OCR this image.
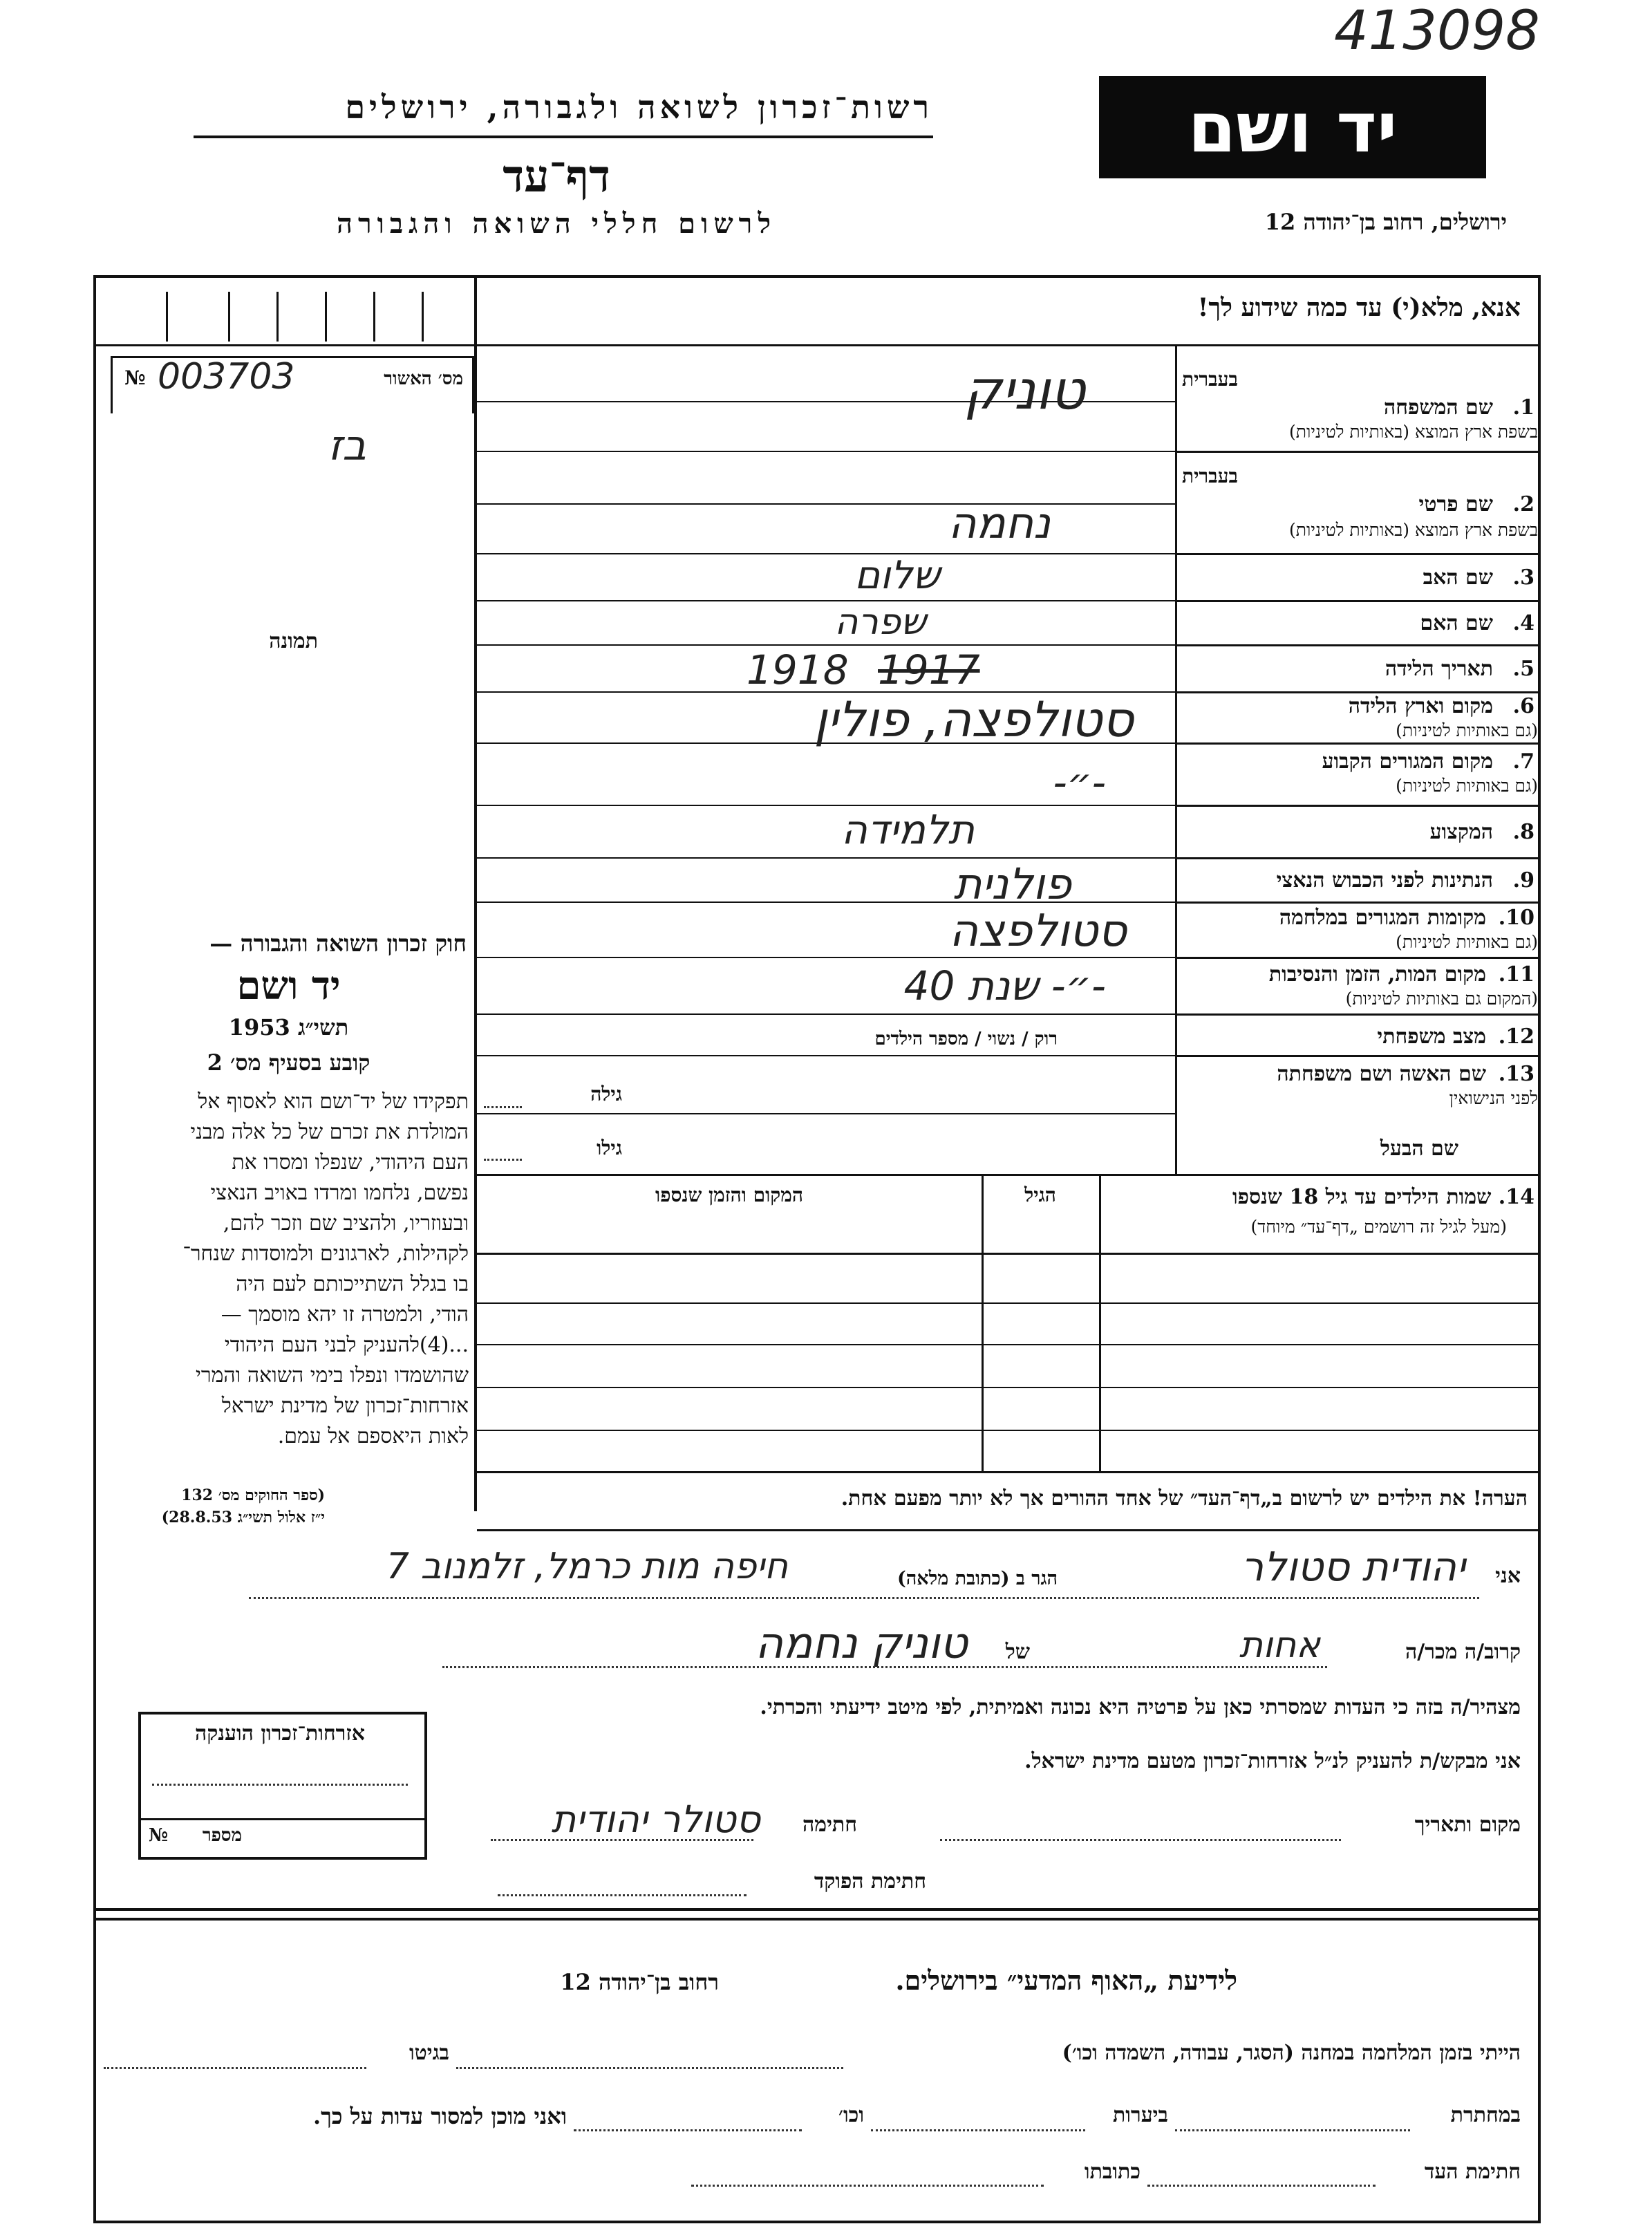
413098
רשות־זכרון לשואה ולגבורה, ירושלים
דף־עד
לרשום חללי השואה והגבורה
יד ושם
ירושלים, רחוב בן־יהודה 12
אנא, מלא(י) עד כמה שידוע לך!
מס׳ האשור
№ 003703
בז
תמונה
חוק זכרון השואה והגבורה —
יד ושם
תשי״ג 1953
קובע בסעיף מס׳ 2
תפקידו של יד־ושם הוא לאסוף אל
המולדת את זכרם של כל אלה מבני
העם היהודי, שנפלו ומסרו את
נפשם, נלחמו ומרדו באויב הנאצי
ובעוזריו, ולהציב שם וזכר להם,
לקהילות, לארגונים ולמוסדות שנחר־
בו בגלל השתייכותם לעם היה
הודי, ולמטרה זו יהא מוסמך —
...(4)להעניק לבני העם היהודי
שהושמדו ונפלו בימי השואה והמרי
אזרחות־זכרון של מדינת ישראל
לאות היאספם אל עמם.
(ספר החוקים מס׳ 132
י״ז אלול תשי״ג 28.8.53)
בעברית
1.
שם המשפחה
בשפת ארץ המוצא (באותיות לטיניות)
טוניק
בעברית
2.
שם פרטי
בשפת ארץ המוצא (באותיות לטיניות)
נחמה
3.
שם האב
שלום
4.
שם האם
שפרה
5.
תאריך הלידה
1918 1917
6.
מקום וארץ הלידה
(גם באותיות לטיניות)
סטולפצה, פולין
7.
מקום המגורים הקבוע
(גם באותיות לטיניות)
-״-
8.
המקצוע
תלמידה
9.
הנתינות לפני הכבוש הנאצי
פולנית
10.
מקומות המגורים במלחמה
(גם באותיות לטיניות)
סטולפצה
11.
מקום המות, הזמן והנסיבות
(המקום גם באותיות לטיניות)
-״- שנת 40
12.
מצב משפחתי
רוק / נשוי / מספר הילדים
13.
שם האשה ושם משפחתה
לפני הנישואין
גילה
שם הבעל
גילו
14. שמות הילדים עד גיל 18 שנספו
(מעל לגיל זה רושמים „דף־עד״ מיוחד)
הגיל
המקום והזמן שנספו
הערה! את הילדים יש לרשום ב„דף־העד״ של אחד ההורים אך לא יותר מפעם אחת.
אני
יהודית סטולר
הגר ב (כתובת מלאה)
חיפה מות כרמל, זלמנוב 7
קרוב/ה מכר/ה
אחות
של
טוניק נחמה
מצהיר/ה בזה כי העדות שמסרתי כאן על פרטיה היא נכונה ואמיתית, לפי מיטב ידיעתי והכרתי.
אני מבקש/ת להעניק לנ״ל אזרחות־זכרון מטעם מדינת ישראל.
מקום ותאריך
חתימה
סטולר יהודית
חתימת הפוקד
אזרחות־זכרון הוענקה
מספר
№
לידיעת „האוף המדעי״ בירושלים.
רחוב בן־יהודה 12
הייתי בזמן המלחמה במחנה (הסגר, עבודה, השמדה וכו׳)
בגיטו
במחתרת
ביערות
וכו׳
ואני מוכן למסור עדות על כך.
חתימת העד
כתובתו
